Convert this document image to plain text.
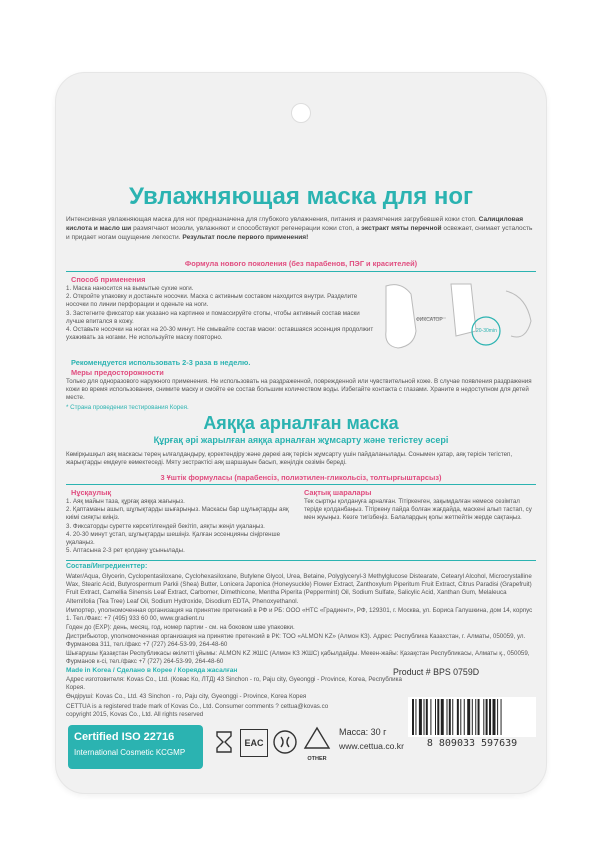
Увлажняющая маска для ног
Интенсивная увлажняющая маска для ног предназначена для глубокого увлажнения, питания и размягчения загрубевшей кожи стоп. Салициловая кислота и масло ши размягчают мозоли, увлажняют и способствуют регенерации кожи стоп, а экстракт мяты перечной освежает, снимает усталость и придает ногам ощущение легкости. Результат после первого применения!
Формула нового поколения (без парабенов, ПЭГ и красителей)
Способ применения
1. Маска наносится на вымытые сухие ноги.
2. Откройте упаковку и достаньте носочки. Маска с активным составом находится внутри. Разделите носочки по линии перфорации и оденьте на ноги.
3. Застегните фиксатор как указано на картинке и помассируйте стопы, чтобы активный состав маски лучше впитался в кожу.
4. Оставьте носочки на ногах на 20-30 минут. Не смывайте состав маски: оставшаяся эссенция продолжит ухаживать за ногами. Не используйте маску повторно.
ФИКСАТОР
20-30min
Рекомендуется использовать 2-3 раза в неделю.
Меры предосторожности
Только для одноразового наружного применения. Не использовать на раздраженной, поврежденной или чувствительной коже. В случае появления раздражения кожи во время использования, снимите маску и смойте ее состав большим количеством воды. Избегайте контакта с глазами. Храните в недоступном для детей месте.
* Страна проведения тестирования Корея.
Аяққа арналған маска
Құрғақ әрі жарылған аяққа арналған жұмсарту және тегістеу әсері
Көмірқышқыл аяқ маскасы терең ылғалдандыру, қоректендіру және дөрекі аяқ терісін жұмсарту үшін пайдаланылады. Сонымен қатар, аяқ терісін тегістеп, жарықтарды емдеуге көмектеседі. Мяту экстрактісі аяқ шаршауын басып, жеңілдік сезімін береді.
3 Ұштік формуласы (парабенсіз, полиэтилен-гликольсіз, толтырғыштарсыз)
Нұсқаулық
1. Аяқ майын таза, құрғақ аяққа жағыңыз.
2. Қаптаманы ашып, шұлықтарды шығарыңыз. Маскасы бар шұлықтарды аяқ киімі сияқты киіңіз.
3. Фиксаторды суретте көрсетілгендей бекітіп, аяқты жеңіл уқалаңыз.
4. 20-30 минут ұстап, шұлықтарды шешіңіз. Қалған эссенцияны сіңіргенше уқалаңыз.
5. Аптасына 2-3 рет қолдану ұсынылады.
Сақтық шаралары
Тек сыртқы қолдануға арналған. Тітіркенген, зақымдалған немесе сезімтал теріде қолданбаңыз. Тітіркену пайда болған жағдайда, маскені алып тастап, су мен жуыңыз. Көзге тигізбеңіз. Балалардың қолы жетпейтін жерде сақтаңыз.
Состав/Ингредиенттер:
Water/Aqua, Glycerin, Cyclopentasiloxane, Cyclohexasiloxane, Butylene Glycol, Urea, Betaine, Polyglyceryl-3 Methylglucose Distearate, Cetearyl Alcohol, Microcrystalline Wax, Stearic Acid, Butyrospermum Parkii (Shea) Butter, Lonicera Japonica (Honeysuckle) Flower Extract, Zanthoxylum Piperitum Fruit Extract, Citrus Paradisi (Grapefruit) Fruit Extract, Camellia Sinensis Leaf Extract, Carbomer, Dimethicone, Mentha Piperita (Peppermint) Oil, Sodium Sulfate, Salicylic Acid, Xanthan Gum, Melaleuca Alternifolia (Tea Tree) Leaf Oil, Sodium Hydroxide, Disodium EDTA, Phenoxyethanol.
Импортер, уполномоченная организация на принятие претензий в РФ и РБ: ООО «НТС «Градиент», РФ, 129301, г. Москва, ул. Бориса Галушкина, дом 14, корпус 1. Тел./Факс: +7 (495) 933 60 00, www.gradient.ru
Годен до (EXP): день, месяц, год, номер партии - см. на боковом шве упаковки.
Дистрибьютор, уполномоченная организация на принятие претензий в РК: ТОО «ALMON KZ» (Алмон КЗ). Адрес: Республика Казахстан, г. Алматы, 050059, ул. Фурманова 311, тел./факс +7 (727) 264-53-99, 264-48-60
Шығарушы Қазақстан Республикасы өкілетті ұйымы: ALMON KZ ЖШС (Алмон КЗ ЖШС) қабылдайды. Мекен-жайы: Қазақстан Республикасы, Алматы қ., 050059, Фурманов к-сі, тел./факс +7 (727) 264-53-99, 264-48-60
Made in Korea / Сделано в Корее / Кореяда жасалған
Адрес изготовителя: Kovas Co., Ltd. (Ковас Ко, ЛТД) 43 Sinchon - ro, Paju city, Gyeonggi - Province, Korea, Республика Корея.
Өндіруші: Kovas Co., Ltd. 43 Sinchon - ro, Paju city, Gyeonggi - Province, Korea Корея
Product # BPS 0759D
CETTUA is a registered trade mark of Kovas Co., Ltd. Consumer comments ? cettua@kovas.co
copyright 2015, Kovas Co., Ltd. All rights reserved
Certified ISO 22716
International Cosmetic KCGMP
EAC
OTHER
Масса: 30 г
www.cettua.co.kr	8 809033 597639
